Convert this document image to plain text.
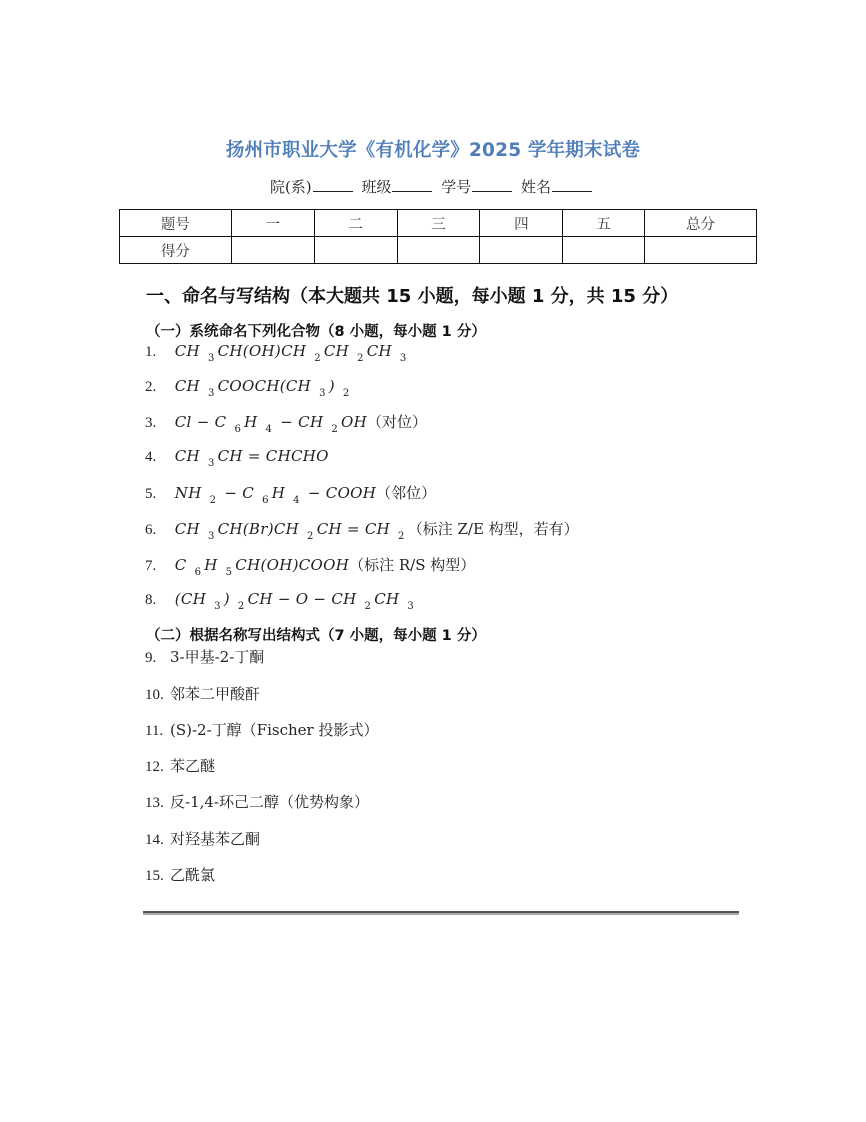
扬州市职业大学《有机化学》2025 学年期末试卷
院(系)	班级	学号	姓名
题号	一	二	三	四	五	总分
得分						
一、命名与写结构（本大题共 15 小题，每小题 1 分，共 15 分）
（一）系统命名下列化合物（8 小题，每小题 1 分）
1. CH $_3$ CH(OH)CH $_2$ CH $_2$ CH $_3$
2. CH $_3$ COOCH(CH $_3$ ) $_2$
3. Cl − C $_6$ H $_4$ − CH $_2$ OH（对位）
4. CH $_3$ CH = CHCHO
5. NH $_2$ − C $_6$ H $_4$ − COOH（邻位）
6. CH $_3$ CH(Br)CH $_2$ CH = CH $_2$ （标注 Z/E 构型，若有）
7. C $_6$ H $_5$ CH(OH)COOH（标注 R/S 构型）
8. (CH $_3$ ) $_2$ CH − O − CH $_2$ CH $_3$
（二）根据名称写出结构式（7 小题，每小题 1 分）
9. 3-甲基-2-丁酮
10. 邻苯二甲酸酐
11. (S)-2-丁醇（Fischer 投影式）
12. 苯乙醚
13. 反-1,4-环己二醇（优势构象）
14. 对羟基苯乙酮
15. 乙酰氯
